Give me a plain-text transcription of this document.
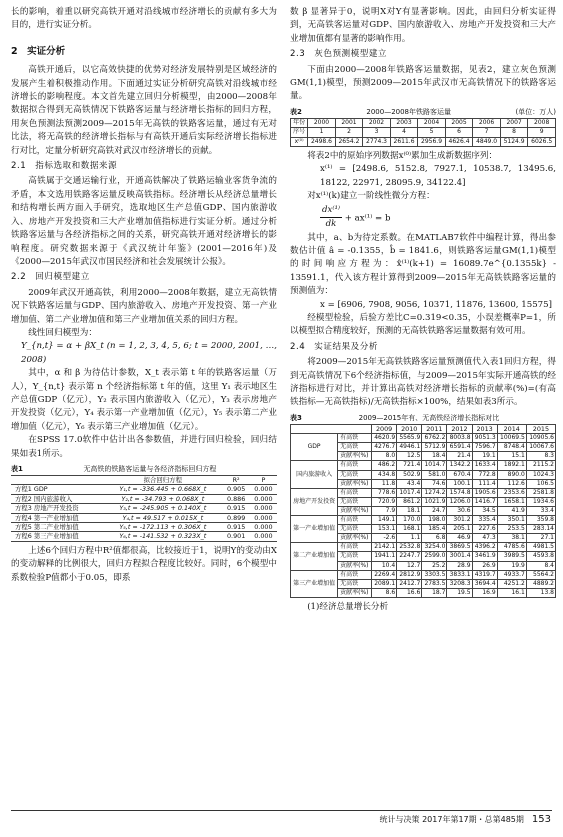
长的影响，着重以研究高铁开通对沿线城市经济增长的贡献有多大为目的，进行实证分析。

2　实证分析

高铁开通后，以它高效快捷的优势对经济发展特别是区域经济的发展产生着积极推动作用。下面通过实证分析研究高铁对沿线城市经济增长的影响程度。本文首先建立回归分析模型，由2000—2008年数据拟合得到无高铁情况下铁路客运量与经济增长指标的回归方程，用灰色预测法预测2009—2015年无高铁的铁路客运量，通过有无对比法，将无高铁的经济增长指标与有高铁开通后实际经济增长指标进行对比，定量分析研究高铁对武汉市经济增长的贡献。

2.1　指标选取和数据来源

高铁属于交通运输行业，开通高铁解决了铁路运输业客货争流的矛盾，本文选用铁路客运量反映高铁指标。经济增长从经济总量增长和结构增长两方面入手研究，选取地区生产总值GDP、国内旅游收入、房地产开发投资和三大产业增加值指标进行实证分析。通过分析铁路客运量与各经济指标之间的关系，研究高铁开通对经济增长的影响程度。研究数据来源于《武汉统计年鉴》(2001—2016年)及《2000—2015年武汉市国民经济和社会发展统计公报》。

2.2　回归模型建立

2009年武汉开通高铁，利用2000—2008年数据，建立无高铁情况下铁路客运量与GDP、国内旅游收入、房地产开发投资、第一产业增加值、第二产业增加值和第三产业增加值关系的回归方程。

线性回归模型为：

Y_{n,t} = α + βX_t (n = 1, 2, 3, 4, 5, 6; t = 2000, 2001, …, 2008)

其中，α 和 β 为待估计参数，X_t 表示第 t 年的铁路客运量（万人），Y_{n,t} 表示第 n 个经济指标第 t 年的值，这里 Y₁ 表示地区生产总值GDP（亿元），Y₂ 表示国内旅游收入（亿元），Y₃ 表示房地产开发投资（亿元），Y₄ 表示第一产业增加值（亿元），Y₅ 表示第二产业增加值（亿元），Y₆ 表示第三产业增加值（亿元）。

在SPSS 17.0软件中估计出各参数值，并进行回归检验，回归结果如表1所示。

表1	无高铁的铁路客运量与各经济指标回归方程
	拟合回归方程	R²	P
方程1 GDP	Y₁,t = -336.445 + 0.668X_t	0.905	0.000
方程2 国内旅游收入	Y₂,t = -34.793 + 0.068X_t	0.886	0.000
方程3 房地产开发投资	Y₃,t = -245.905 + 0.140X_t	0.915	0.000
方程4 第一产业增加值	Y₄,t = 49.517 + 0.015X_t	0.899	0.000
方程5 第二产业增加值	Y₅,t = -172.113 + 0.306X_t	0.915	0.000
方程6 第三产业增加值	Y₆,t = -141.532 + 0.323X_t	0.901	0.000

上述6个回归方程中R²值都很高，比较接近于1，说明Y的变动由X的变动解释的比例很大，回归方程拟合程度比较好。同时，6个模型中系数检验P值都小于0.05，即系

数 β 显著异于0，说明X对Y有显著影响。因此，由回归分析实证得到，无高铁客运量对GDP、国内旅游收入、房地产开发投资和三大产业增加值都有显著的影响作用。

2.3　灰色预测模型建立

下面由2000—2008年铁路客运量数据，见表2，建立灰色预测GM(1,1)模型，预测2009—2015年武汉市无高铁情况下的铁路客运量。

表2	2000—2008年铁路客运量	(单位：万人)
年份	2000	2001	2002	2003	2004	2005	2006	2007	2008
序号	1	2	3	4	5	6	7	8	9
x⁽⁰⁾	2498.6	2654.2	2774.3	2611.6	2956.9	4626.4	4849.0	5124.9	6026.5

将表2中的原始序列数据x⁽⁰⁾累加生成新数据序列：

x⁽¹⁾ = [2498.6, 5152.8, 7927.1, 10538.7, 13495.6, 18122, 22971, 28095.9, 34122.4]

对x⁽¹⁾(k)建立一阶线性微分方程：

$\frac{\text{dx⁽¹⁾}}{dk} + ax^{(1)} = b$

其中，a、b为待定系数。在MATLAB7软件中编程计算，得出参数估计值 â = -0.1355，b̂ = 1841.6，则铁路客运量GM(1,1)模型的时间响应方程为：x̂⁽¹⁾(k+1) = 16089.7e^{0.1355k} - 13591.1，代入该方程计算得到2009—2015年无高铁铁路客运量的预测值为：

x = [6906, 7908, 9056, 10371, 11876, 13600, 15575]

经模型检验，后验方差比C=0.319<0.35，小误差概率P=1，所以模型拟合精度较好，预测的无高铁铁路客运量数据有效可用。

2.4　实证结果及分析

将2009—2015年无高铁铁路客运量预测值代入表1回归方程，得到无高铁情况下6个经济指标值，与2009—2015年实际开通高铁的经济指标进行对比，并计算出高铁对经济增长指标的贡献率(%)=(有高铁指标—无高铁指标)/无高铁指标×100%，结果如表3所示。

表3	2009—2015年有、无高铁经济增长指标对比
		2009	2010	2011	2012	2013	2014	2015
GDP	有高铁	4620.9	5565.9	6762.2	8003.8	9051.3	10069.5	10905.6
	无高铁	4276.7	4946.1	5712.9	6591.4	7596.7	8748.4	10067.6
	贡献率(%)	8.0	12.5	18.4	21.4	19.1	15.1	8.3
国内旅游收入	有高铁	486.2	721.4	1014.7	1342.2	1633.4	1892.1	2115.2
	无高铁	434.8	502.9	581.0	670.4	772.8	890.0	1024.3
	贡献率(%)	11.8	43.4	74.6	100.1	111.4	112.6	106.5
房地产开发投资	有高铁	778.6	1017.4	1274.2	1574.8	1905.6	2353.6	2581.8
	无高铁	720.9	861.2	1021.9	1206.0	1416.7	1658.1	1934.6
	贡献率(%)	7.9	18.1	24.7	30.6	34.5	41.9	33.4
第一产业增加值	有高铁	149.1	170.0	198.0	301.2	335.4	350.1	359.8
	无高铁	153.1	168.1	185.4	205.1	227.6	253.5	283.14
	贡献率(%)	-2.6	1.1	6.8	46.9	47.3	38.1	27.1
第二产业增加值	有高铁	2142.1	2532.8	3254.0	3869.5	4396.2	4785.6	4981.5
	无高铁	1941.1	2247.7	2599.0	3001.4	3461.9	3989.5	4593.8
	贡献率(%)	10.4	12.7	25.2	28.9	26.9	19.9	8.4
第三产业增加值	有高铁	2269.4	2812.9	3303.5	3833.1	4319.7	4933.7	5564.2
	无高铁	2089.1	2412.7	2783.5	3208.3	3694.4	4251.2	4889.2
	贡献率(%)	8.6	16.6	18.7	19.5	16.9	16.1	13.8

(1)经济总量增长分析

统计与决策 2017年第17期・总第485期 153
